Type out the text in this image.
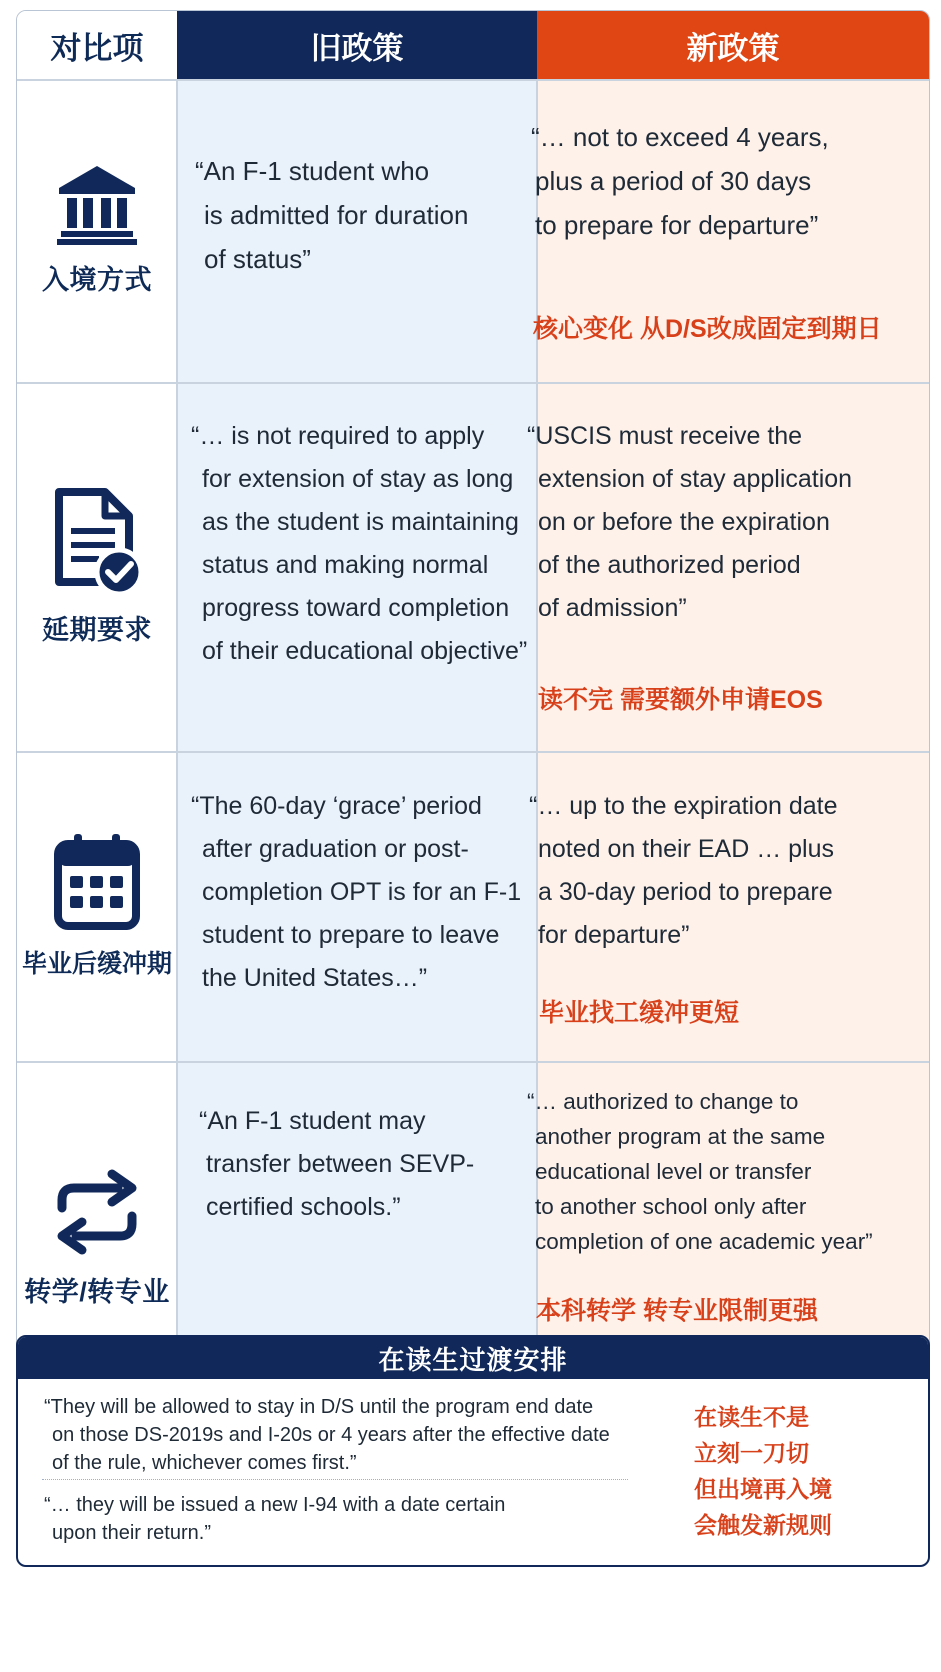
对比项	旧政策	新政策
入境方式
“An F-1 student who
is admitted for duration
of status”
“… not to exceed 4 years,
plus a period of 30 days
to prepare for departure”
核心变化 从D/S改成固定到期日
延期要求
“… is not required to apply
for extension of stay as long
as the student is maintaining
status and making normal
progress toward completion
of their educational objective”
“USCIS must receive the
extension of stay application
on or before the expiration
of the authorized period
of admission”
读不完 需要额外申请EOS
毕业后缓冲期
“The 60-day ‘grace’ period
after graduation or post-
completion OPT is for an F-1
student to prepare to leave
the United States…”
“… up to the expiration date
noted on their EAD … plus
a 30-day period to prepare
for departure”
毕业找工缓冲更短
转学/转专业
“An F-1 student may
transfer between SEVP-
certified schools.”
“… authorized to change to
another program at the same
educational level or transfer
to another school only after
completion of one academic year”
本科转学 转专业限制更强
在读生过渡安排
“They will be allowed to stay in D/S until the program end date
on those DS-2019s and I-20s or 4 years after the effective date
of the rule, whichever comes first.”
“… they will be issued a new I-94 with a date certain
upon their return.”
在读生不是
立刻一刀切
但出境再入境
会触发新规则
